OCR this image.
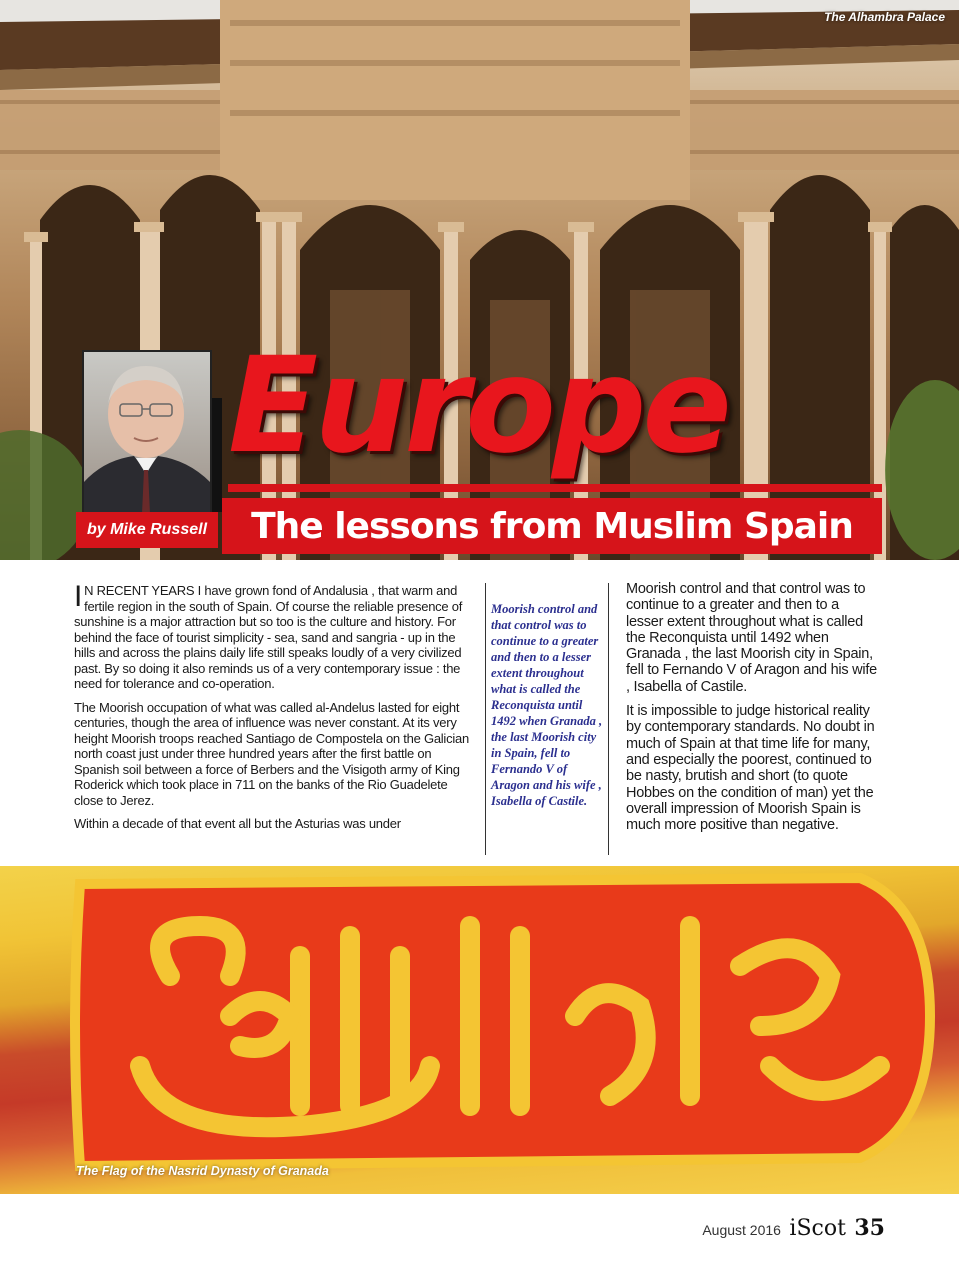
The Alhambra Palace
Europe
by Mike Russell	The lessons from Muslim Spain

I N RECENT YEARS I have grown fond of Andalusia , that warm and fertile region in the south of Spain. Of course the reliable presence of sunshine is a major attraction but so too is the culture and history. For behind the face of tourist simplicity - sea, sand and sangria - up in the hills and across the plains daily life still speaks loudly of a very civilized past. By so doing it also reminds us of a very contemporary issue : the need for tolerance and co-operation.

The Moorish occupation of what was called al-Andelus lasted for eight centuries, though the area of influence was never constant. At its very height Moorish troops reached Santiago de Compostela on the Galician north coast just under three hundred years after the first battle on Spanish soil between a force of Berbers and the Visigoth army of King Roderick which took place in 711 on the banks of the Rio Guadelete close to Jerez.

Within a decade of that event all but the Asturias was under

Moorish control and that control was to continue to a greater and then to a lesser extent throughout what is called the Reconquista until 1492 when Granada , the last Moorish city in Spain, fell to Fernando V of Aragon and his wife , Isabella of Castile.

Moorish control and that control was to continue to a greater and then to a lesser extent throughout what is called the Reconquista until 1492 when Granada , the last Moorish city in Spain, fell to Fernando V of Aragon and his wife , Isabella of Castile.

It is impossible to judge historical reality by contemporary standards. No doubt in much of Spain at that time life for many, and especially the poorest, continued to be nasty, brutish and short (to quote Hobbes on the condition of man) yet the overall impression of Moorish Spain is much more positive than negative.

The Flag of the Nasrid Dynasty of Granada
August 2016 iScot 35
